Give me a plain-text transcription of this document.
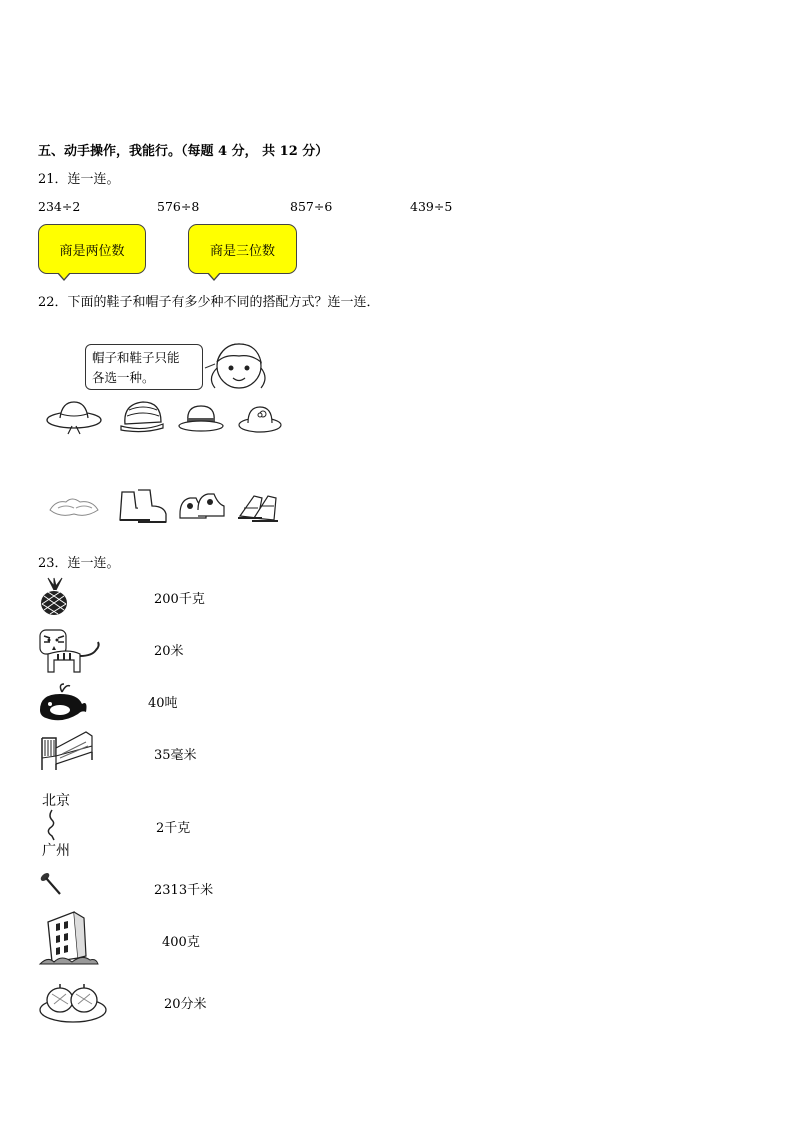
五、动手操作，我能行。（每题 4 分， 共 12 分）
21．连一连。
234÷2	576÷8	857÷6	439÷5
商是两位数	商是三位数
22．下面的鞋子和帽子有多少种不同的搭配方式？连一连．
帽子和鞋子只能
各选一种。
23．连一连。
200千克
20米
40吨
35毫米
北京
广州
2千克
2313千米
400克
20分米
